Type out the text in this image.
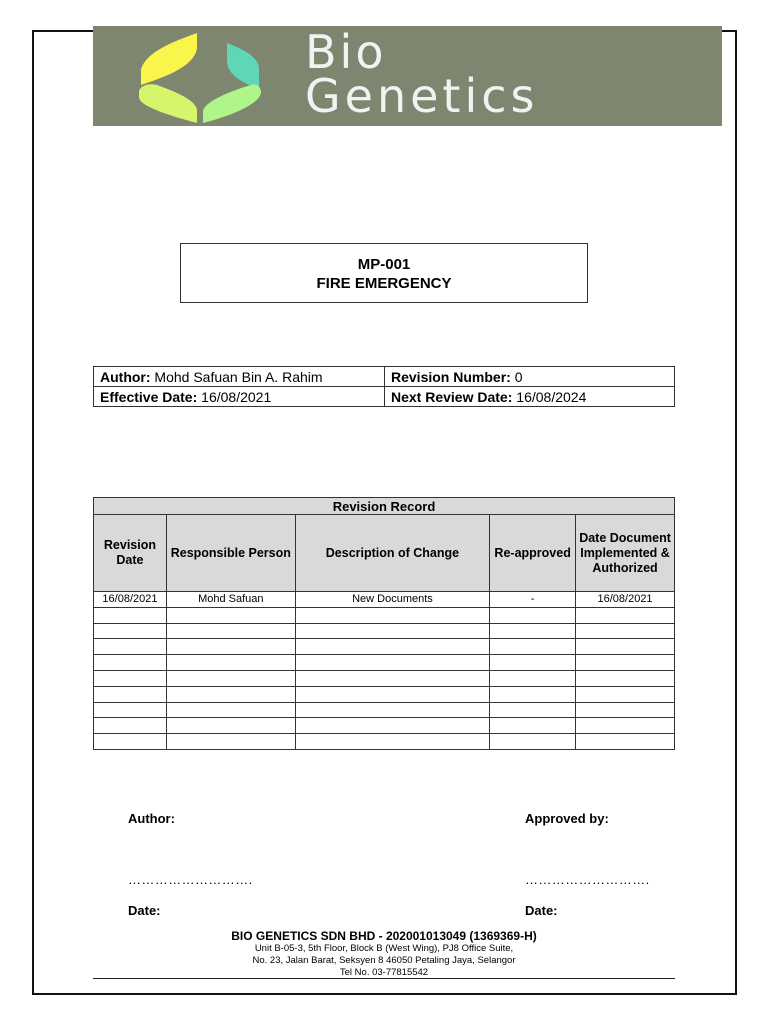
Bio
Genetics
MP-001
FIRE EMERGENCY
Author: Mohd Safuan Bin A. Rahim	Revision Number: 0
Effective Date: 16/08/2021	Next Review Date: 16/08/2024
Revision Record				
Revision Date	Responsible Person	Description of Change	Re-approved	Date Document Implemented & Authorized
16/08/2021	Mohd Safuan	New Documents	-	16/08/2021

Author:	Approved by:
……………………….	……………………….
Date:	Date:
BIO GENETICS SDN BHD - 202001013049 (1369369-H)
Unit B-05-3, 5th Floor, Block B (West Wing), PJ8 Office Suite,
No. 23, Jalan Barat, Seksyen 8 46050 Petaling Jaya, Selangor
Tel No. 03-77815542
